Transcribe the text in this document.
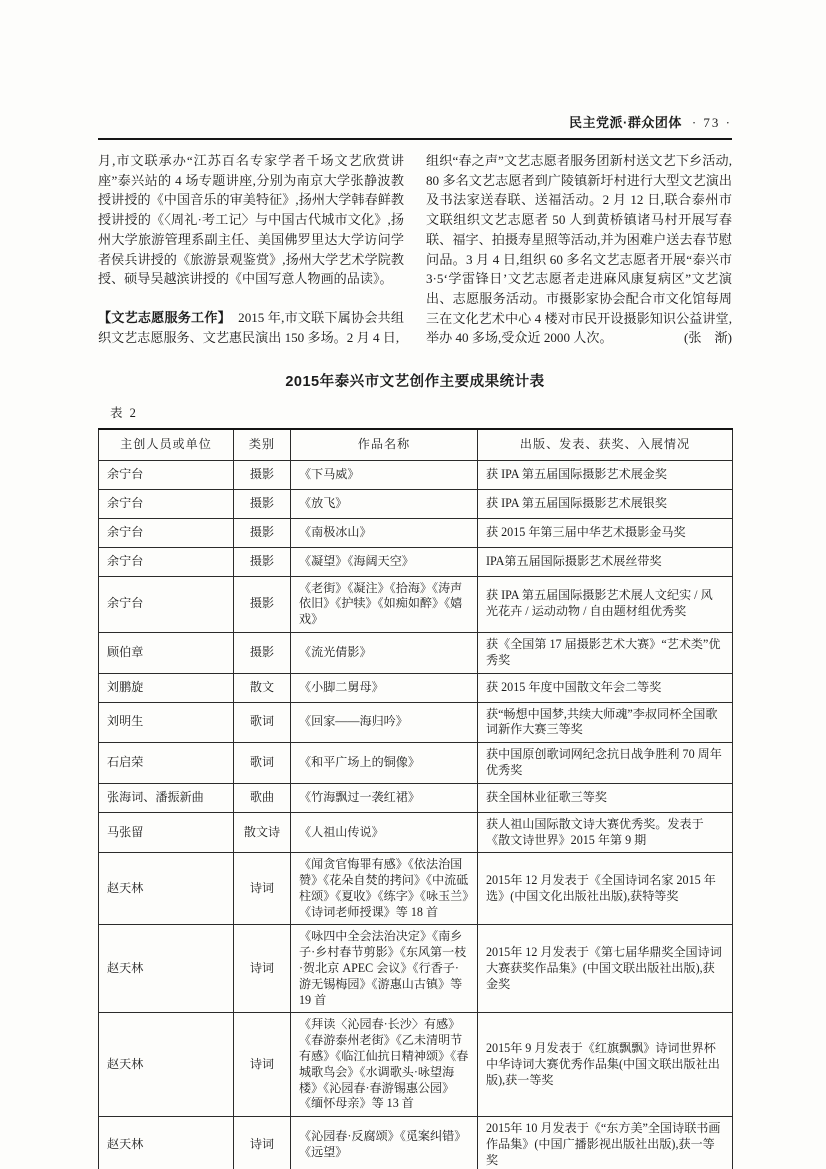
民主党派·群众团体 · 73 ·

月,市文联承办“江苏百名专家学者千场文艺欣赏讲座”泰兴站的 4 场专题讲座,分别为南京大学张静波教授讲授的《中国音乐的审美特征》,扬州大学韩春鲜教授讲授的《〈周礼·考工记〉与中国古代城市文化》,扬州大学旅游管理系副主任、美国佛罗里达大学访问学者侯兵讲授的《旅游景观鉴赏》,扬州大学艺术学院教授、硕导吴越滨讲授的《中国写意人物画的品读》。

【文艺志愿服务工作】 2015 年,市文联下属协会共组织文艺志愿服务、文艺惠民演出 150 多场。2 月 4 日,

组织“春之声”文艺志愿者服务团新村送文艺下乡活动,80 多名文艺志愿者到广陵镇新圩村进行大型文艺演出及书法家送春联、送福活动。2 月 12 日,联合泰州市文联组织文艺志愿者 50 人到黄桥镇诸马村开展写春联、福字、拍摄寿星照等活动,并为困难户送去春节慰问品。3 月 4 日,组织 60 多名文艺志愿者开展“泰兴市 3·5‘学雷锋日’文艺志愿者走进麻风康复病区”文艺演出、志愿服务活动。市摄影家协会配合市文化馆每周三在文化艺术中心 4 楼对市民开设摄影知识公益讲堂,举办 40 多场,受众近 2000 人次。	(张　渐)

2015年泰兴市文艺创作主要成果统计表
表 2
主创人员或单位	类别	作品名称	出版、发表、获奖、入展情况
余宁台	摄影	《下马威》	获 IPA 第五届国际摄影艺术展金奖
余宁台	摄影	《放飞》	获 IPA 第五届国际摄影艺术展银奖
余宁台	摄影	《南极冰山》	获 2015 年第三届中华艺术摄影金马奖
余宁台	摄影	《凝望》《海阔天空》	IPA第五届国际摄影艺术展丝带奖
余宁台	摄影	《老街》《凝注》《拾海》《涛声依旧》《护犊》《如痴如醉》《嬉戏》	获 IPA 第五届国际摄影艺术展人文纪实 / 风光花卉 / 运动动物 / 自由题材组优秀奖
顾伯章	摄影	《流光倩影》	获《全国第 17 届摄影艺术大赛》“艺术类”优秀奖
刘鹏旋	散文	《小脚二舅母》	获 2015 年度中国散文年会二等奖
刘明生	歌词	《回家——海归吟》	获“畅想中国梦,共续大师魂”李叔同杯全国歌词新作大赛三等奖
石启荣	歌词	《和平广场上的铜像》	获中国原创歌词网纪念抗日战争胜利 70 周年优秀奖
张海词、潘振新曲	歌曲	《竹海飘过一袭红裙》	获全国林业征歌三等奖
马张留	散文诗	《人祖山传说》	获人祖山国际散文诗大赛优秀奖。发表于《散文诗世界》2015 年第 9 期
赵天林	诗词	《闻贪官悔罪有感》《依法治国赞》《花朵自焚的拷问》《中流砥柱颂》《夏收》《练字》《咏玉兰》《诗词老师授课》等 18 首	2015年 12 月发表于《全国诗词名家 2015 年选》(中国文化出版社出版),获特等奖
赵天林	诗词	《咏四中全会法治决定》《南乡子·乡村春节剪影》《东风第一枝·贺北京 APEC 会议》《行香子·游无锡梅园》《游惠山古镇》等 19 首	2015年 12 月发表于《第七届华鼎奖全国诗词大赛获奖作品集》(中国文联出版社出版),获金奖
赵天林	诗词	《拜读〈沁园春·长沙〉有感》《春游泰州老街》《乙未清明节有感》《临江仙抗日精神颂》《春城歌鸟会》《水调歌头·咏望海楼》《沁园春·春游锡惠公园》《缅怀母亲》等 13 首	2015年 9 月发表于《红旗飘飘》诗词世界杯中华诗词大赛优秀作品集(中国文联出版社出版),获一等奖
赵天林	诗词	《沁园春·反腐颂》《觅案纠错》《远望》	2015年 10 月发表于《“东方美”全国诗联书画作品集》(中国广播影视出版社出版),获一等奖
